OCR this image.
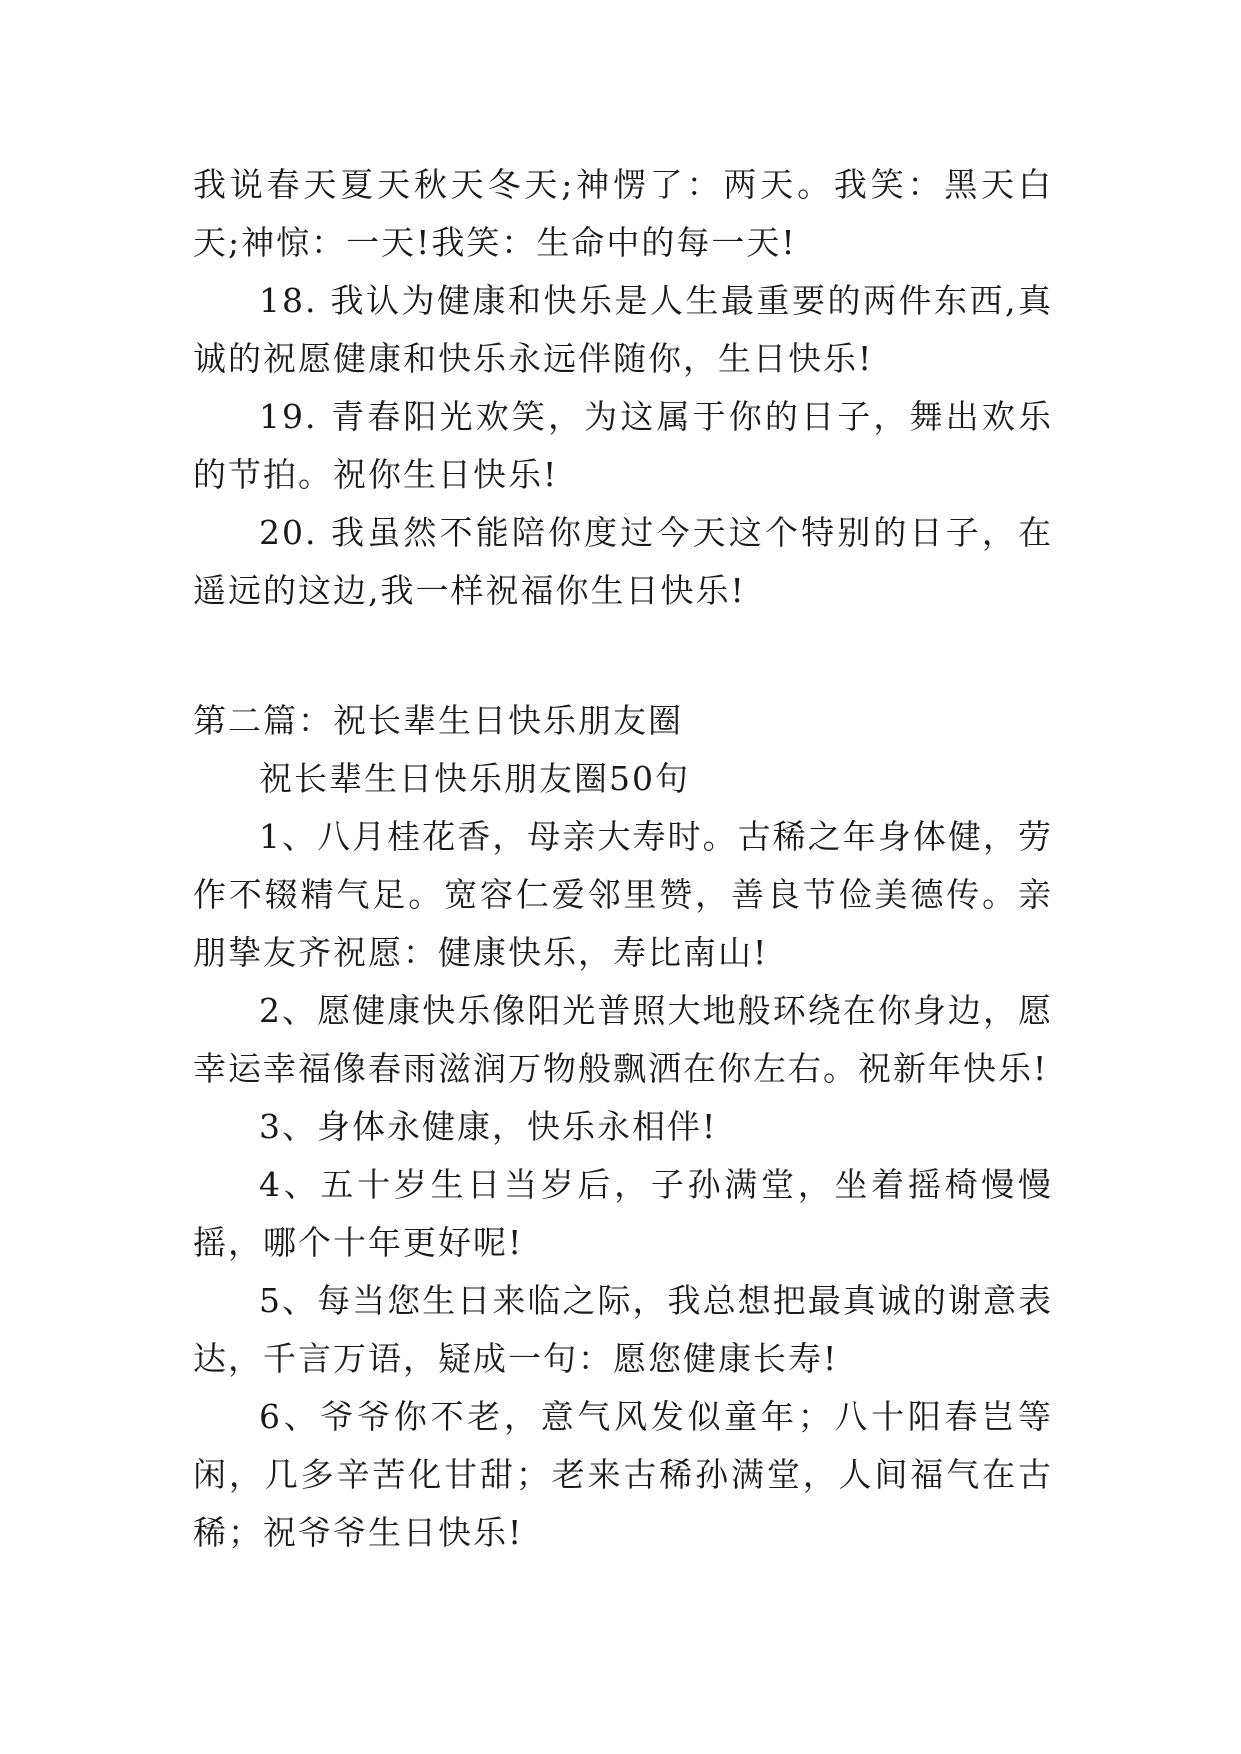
我说春天夏天秋天冬天;神愣了：两天。我笑：黑天白天;神惊：一天!我笑：生命中的每一天!

18. 我认为健康和快乐是人生最重要的两件东西,真诚的祝愿健康和快乐永远伴随你，生日快乐!

19. 青春阳光欢笑，为这属于你的日子，舞出欢乐的节拍。祝你生日快乐!

20. 我虽然不能陪你度过今天这个特别的日子，在遥远的这边,我一样祝福你生日快乐!

第二篇：祝长辈生日快乐朋友圈

祝长辈生日快乐朋友圈50句

1、八月桂花香，母亲大寿时。古稀之年身体健，劳作不辍精气足。宽容仁爱邻里赞，善良节俭美德传。亲朋挚友齐祝愿：健康快乐，寿比南山!

2、愿健康快乐像阳光普照大地般环绕在你身边，愿幸运幸福像春雨滋润万物般飘洒在你左右。祝新年快乐!

3、身体永健康，快乐永相伴!

4、五十岁生日当岁后，子孙满堂，坐着摇椅慢慢摇，哪个十年更好呢!

5、每当您生日来临之际，我总想把最真诚的谢意表达，千言万语，疑成一句：愿您健康长寿!

6、爷爷你不老，意气风发似童年；八十阳春岂等闲，几多辛苦化甘甜；老来古稀孙满堂，人间福气在古稀；祝爷爷生日快乐!
